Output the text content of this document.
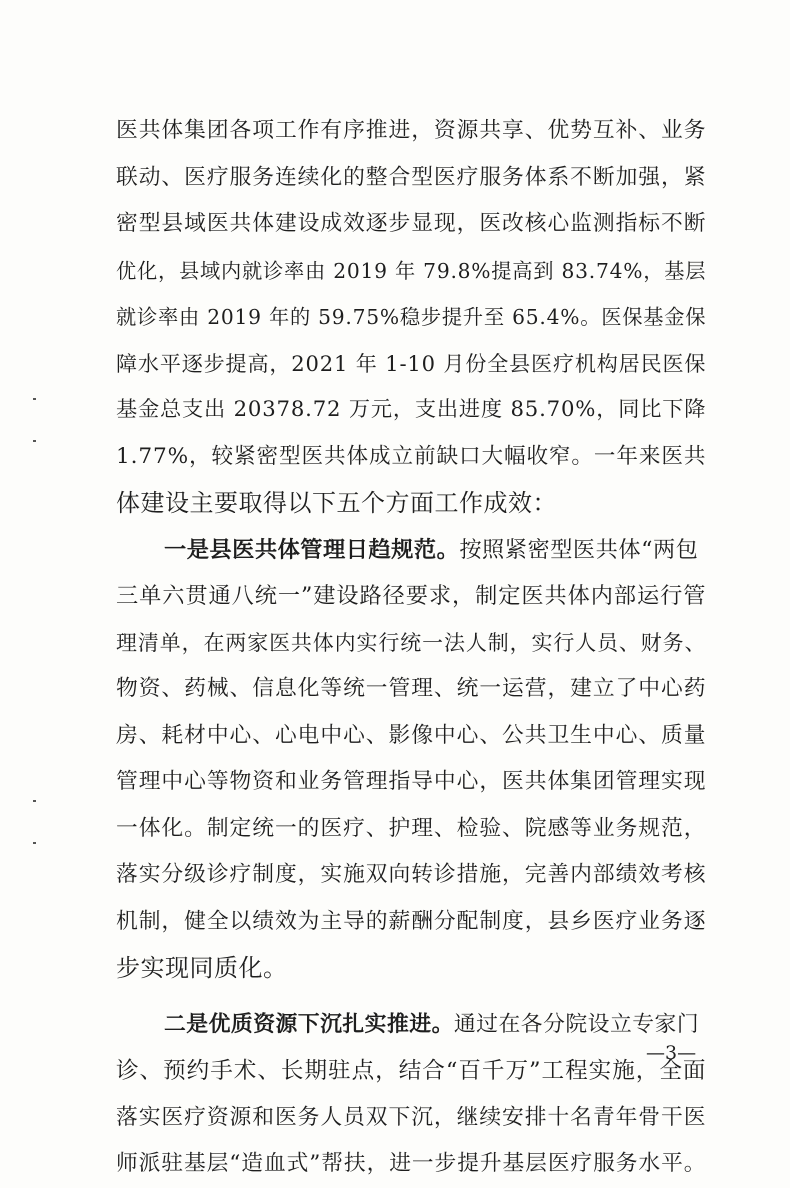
医共体集团各项工作有序推进，资源共享、优势互补、业务
联动、医疗服务连续化的整合型医疗服务体系不断加强，紧
密型县域医共体建设成效逐步显现，医改核心监测指标不断
优化，县域内就诊率由 2019 年 79.8%提高到 83.74%，基层
就诊率由 2019 年的 59.75%稳步提升至 65.4%。医保基金保
障水平逐步提高，2021 年 1-10 月份全县医疗机构居民医保
基金总支出 20378.72 万元，支出进度 85.70%，同比下降
1.77%，较紧密型医共体成立前缺口大幅收窄。一年来医共
体建设主要取得以下五个方面工作成效：
一是县医共体管理日趋规范。 按照紧密型医共体“两包
三单六贯通八统一”建设路径要求，制定医共体内部运行管
理清单，在两家医共体内实行统一法人制，实行人员、财务、
物资、药械、信息化等统一管理、统一运营，建立了中心药
房、耗材中心、心电中心、影像中心、公共卫生中心、质量
管理中心等物资和业务管理指导中心，医共体集团管理实现
一体化。制定统一的医疗、护理、检验、院感等业务规范，
落实分级诊疗制度，实施双向转诊措施，完善内部绩效考核
机制，健全以绩效为主导的薪酬分配制度，县乡医疗业务逐
步实现同质化。
二是优质资源下沉扎实推进。 通过在各分院设立专家门
诊、预约手术、长期驻点，结合“百千万”工程实施，全面
落实医疗资源和医务人员双下沉，继续安排十名青年骨干医
师派驻基层“造血式”帮扶，进一步提升基层医疗服务水平。
—3—
